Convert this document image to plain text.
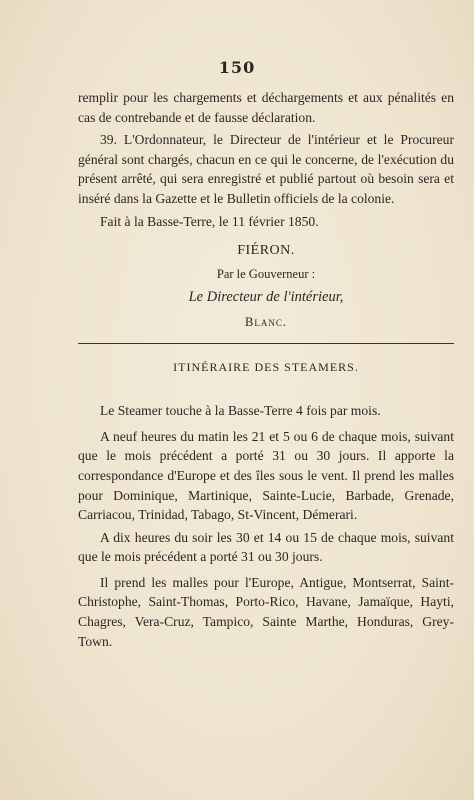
150

remplir pour les chargements et déchargements et aux pénalités en cas de contrebande et de fausse déclaration.

39. L'Ordonnateur, le Directeur de l'intérieur et le Procureur général sont chargés, chacun en ce qui le concerne, de l'exécution du présent arrêté, qui sera enregistré et publié partout où besoin sera et inséré dans la Gazette et le Bulletin officiels de la colonie.

Fait à la Basse-Terre, le 11 février 1850.

FIÉRON.

Par le Gouverneur :

Le Directeur de l'intérieur,

Blanc.

ITINÉRAIRE DES STEAMERS.

Le Steamer touche à la Basse-Terre 4 fois par mois.

A neuf heures du matin les 21 et 5 ou 6 de chaque mois, suivant que le mois précédent a porté 31 ou 30 jours. Il apporte la correspondance d'Europe et des îles sous le vent. Il prend les malles pour Dominique, Martinique, Sainte-Lucie, Barbade, Grenade, Carriacou, Trinidad, Tabago, St-Vincent, Démerari.

A dix heures du soir les 30 et 14 ou 15 de chaque mois, suivant que le mois précédent a porté 31 ou 30 jours.

Il prend les malles pour l'Europe, Antigue, Montserrat, Saint-Christophe, Saint-Thomas, Porto-Rico, Havane, Jamaïque, Hayti, Chagres, Vera-Cruz, Tampico, Sainte Marthe, Honduras, Grey-Town.
